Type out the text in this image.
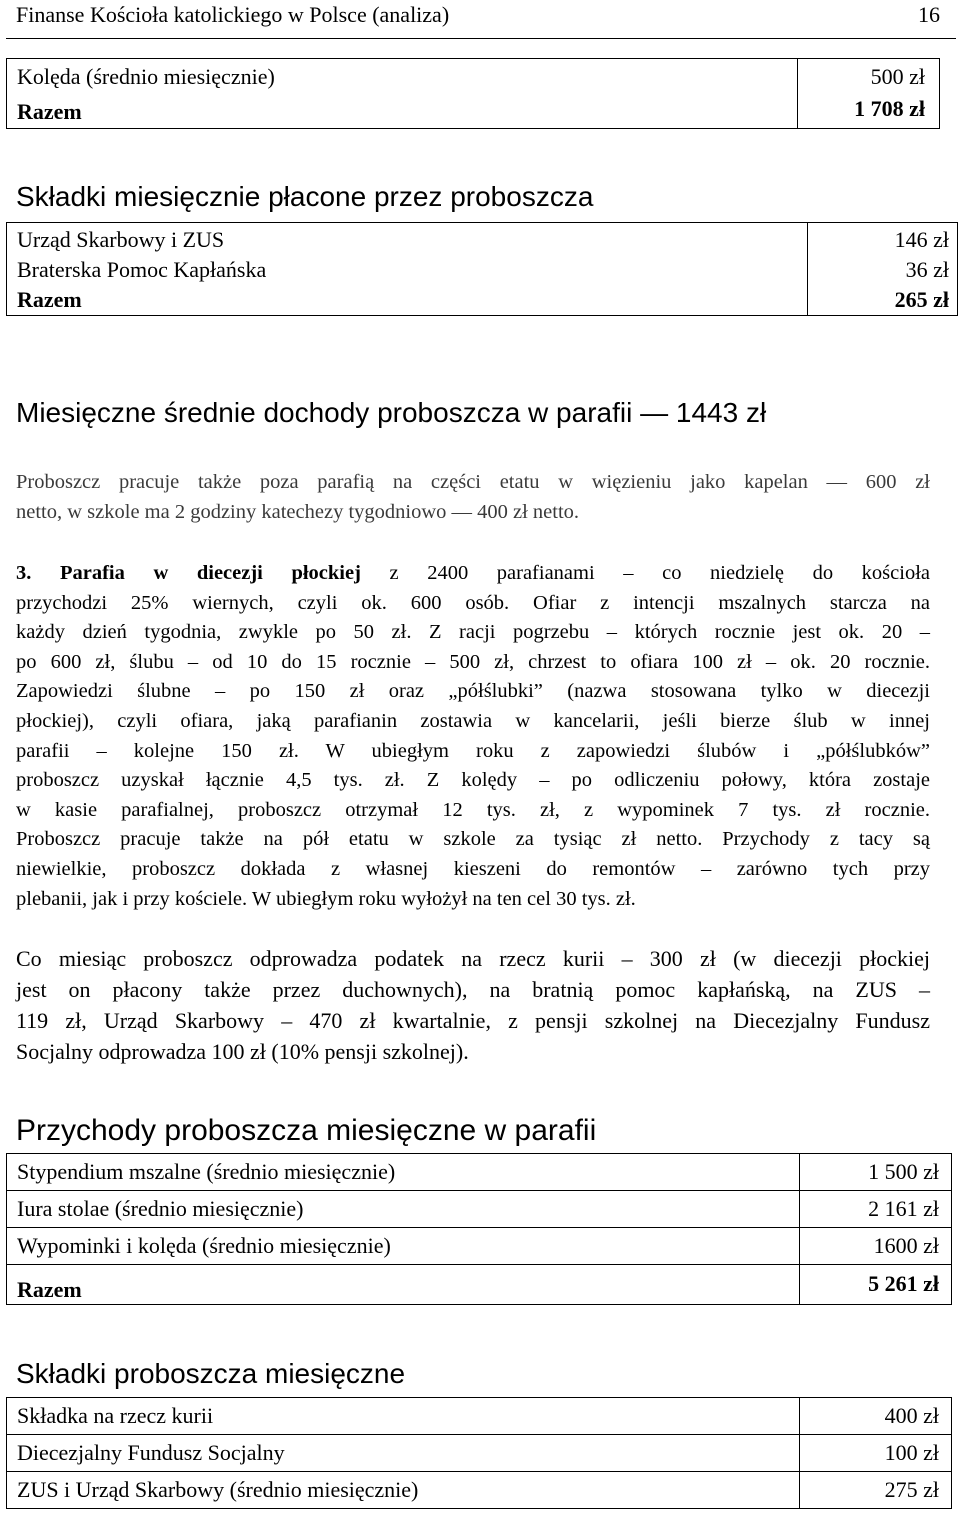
Finanse Kościoła katolickiego w Polsce (analiza)	16
Kolęda (średnio miesięcznie)	500 zł
Razem	1 708 zł
Składki miesięcznie płacone przez proboszcza
Urząd Skarbowy i ZUS	146 zł
Braterska Pomoc Kapłańska	36 zł
Razem	265 zł
Miesięczne średnie dochody proboszcza w parafii — 1443 zł
Proboszcz pracuje także poza parafią na części etatu w więzieniu jako kapelan — 600 zł
netto, w szkole ma 2 godziny katechezy tygodniowo — 400 zł netto.
3. Parafia w diecezji płockiej z 2400 parafianami – co niedzielę do kościoła
przychodzi 25% wiernych, czyli ok. 600 osób. Ofiar z intencji mszalnych starcza na
każdy dzień tygodnia, zwykle po 50 zł. Z racji pogrzebu – których rocznie jest ok. 20 –
po 600 zł, ślubu – od 10 do 15 rocznie – 500 zł, chrzest to ofiara 100 zł – ok. 20 rocznie.
Zapowiedzi ślubne – po 150 zł oraz „półślubki” (nazwa stosowana tylko w diecezji
płockiej), czyli ofiara, jaką parafianin zostawia w kancelarii, jeśli bierze ślub w innej
parafii – kolejne 150 zł. W ubiegłym roku z zapowiedzi ślubów i „półślubków”
proboszcz uzyskał łącznie 4,5 tys. zł. Z kolędy – po odliczeniu połowy, która zostaje
w kasie parafialnej, proboszcz otrzymał 12 tys. zł, z wypominek 7 tys. zł rocznie.
Proboszcz pracuje także na pół etatu w szkole za tysiąc zł netto. Przychody z tacy są
niewielkie, proboszcz dokłada z własnej kieszeni do remontów – zarówno tych przy
plebanii, jak i przy kościele. W ubiegłym roku wyłożył na ten cel 30 tys. zł.
Co miesiąc proboszcz odprowadza podatek na rzecz kurii – 300 zł (w diecezji płockiej
jest on płacony także przez duchownych), na bratnią pomoc kapłańską, na ZUS –
119 zł, Urząd Skarbowy – 470 zł kwartalnie, z pensji szkolnej na Diecezjalny Fundusz
Socjalny odprowadza 100 zł (10% pensji szkolnej).
Przychody proboszcza miesięczne w parafii
Stypendium mszalne (średnio miesięcznie)	1 500 zł
Iura stolae (średnio miesięcznie)	2 161 zł
Wypominki i kolęda (średnio miesięcznie)	1600 zł
Razem	5 261 zł
Składki proboszcza miesięczne
Składka na rzecz kurii	400 zł
Diecezjalny Fundusz Socjalny	100 zł
ZUS i Urząd Skarbowy (średnio miesięcznie)	275 zł
